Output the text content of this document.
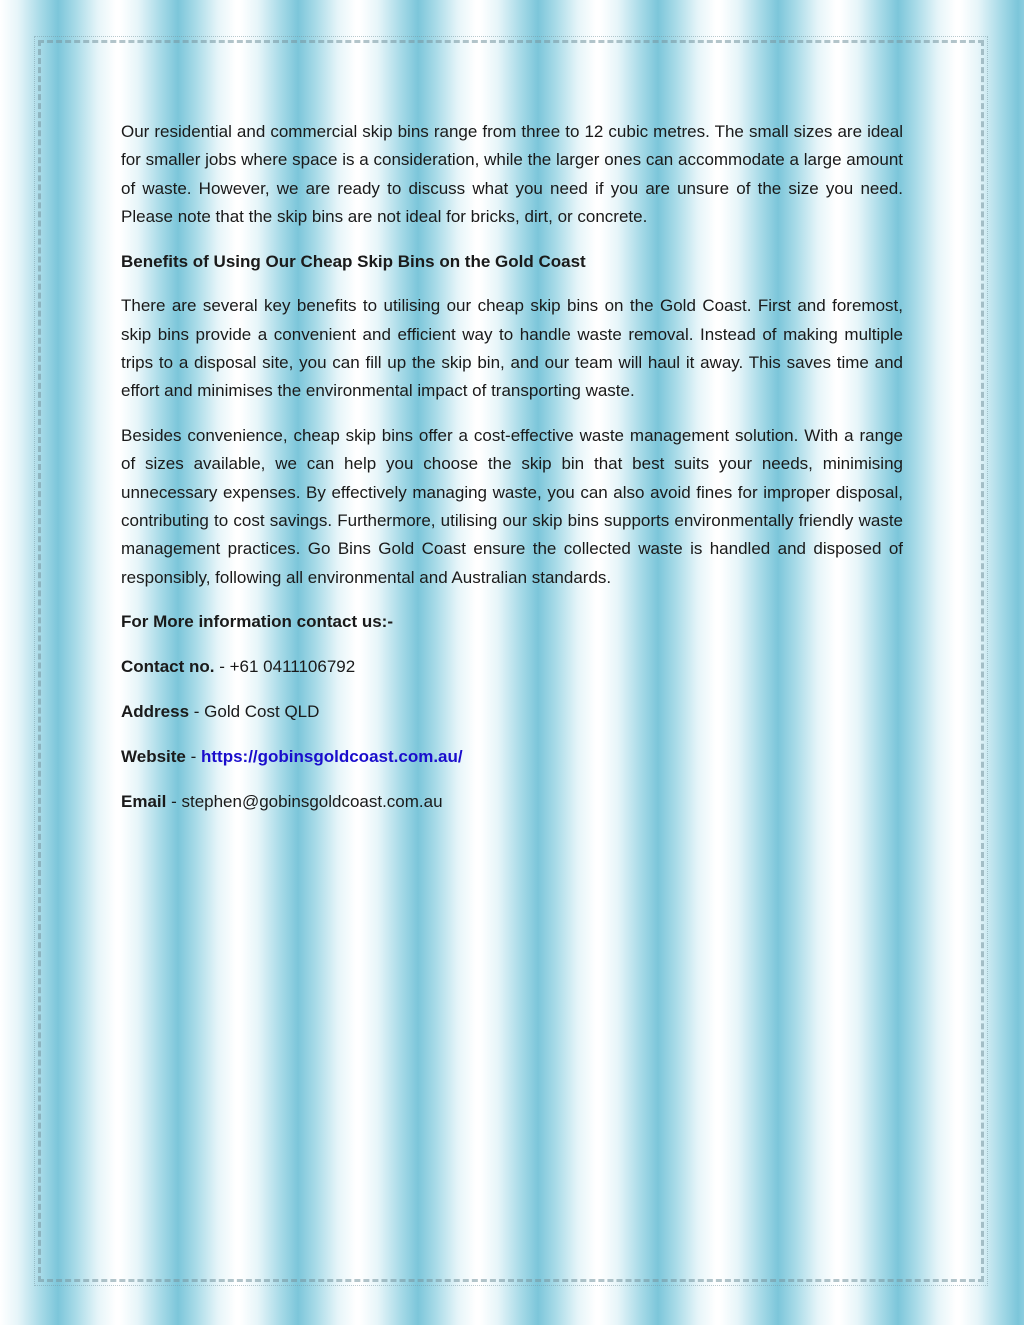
Our residential and commercial skip bins range from three to 12 cubic metres. The small sizes are ideal for smaller jobs where space is a consideration, while the larger ones can accommodate a large amount of waste. However, we are ready to discuss what you need if you are unsure of the size you need. Please note that the skip bins are not ideal for bricks, dirt, or concrete.

Benefits of Using Our Cheap Skip Bins on the Gold Coast

There are several key benefits to utilising our cheap skip bins on the Gold Coast. First and foremost, skip bins provide a convenient and efficient way to handle waste removal. Instead of making multiple trips to a disposal site, you can fill up the skip bin, and our team will haul it away. This saves time and effort and minimises the environmental impact of transporting waste.

Besides convenience, cheap skip bins offer a cost-effective waste management solution. With a range of sizes available, we can help you choose the skip bin that best suits your needs, minimising unnecessary expenses. By effectively managing waste, you can also avoid fines for improper disposal, contributing to cost savings. Furthermore, utilising our skip bins supports environmentally friendly waste management practices. Go Bins Gold Coast ensure the collected waste is handled and disposed of responsibly, following all environmental and Australian standards.

For More information contact us:-

Contact no. - +61 0411106792

Address - Gold Cost QLD

Website - https://gobinsgoldcoast.com.au/

Email - stephen@gobinsgoldcoast.com.au
